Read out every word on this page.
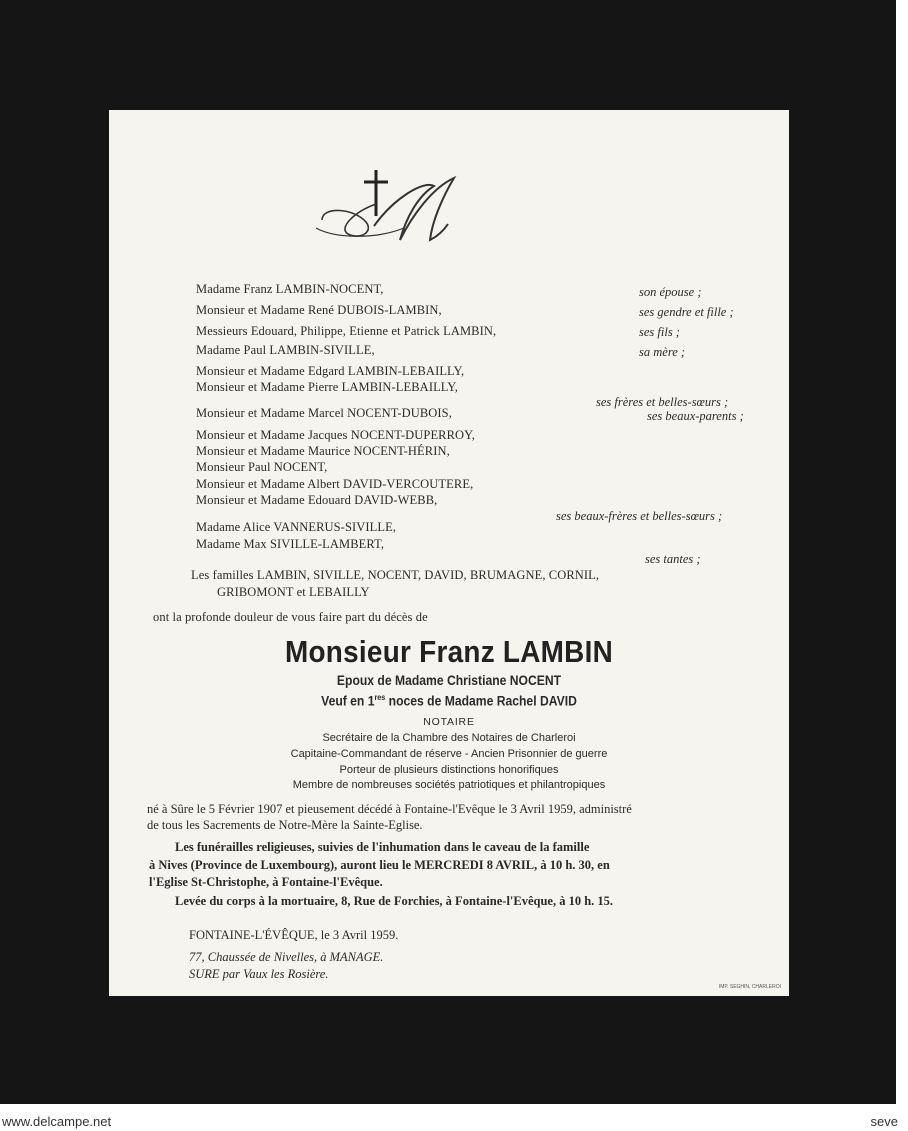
Madame Franz LAMBIN-NOCENT,
Monsieur et Madame René DUBOIS-LAMBIN,
Messieurs Edouard, Philippe, Etienne et Patrick LAMBIN,
Madame Paul LAMBIN-SIVILLE,
Monsieur et Madame Edgard LAMBIN-LEBAILLY,
Monsieur et Madame Pierre LAMBIN-LEBAILLY,
Monsieur et Madame Marcel NOCENT-DUBOIS,
Monsieur et Madame Jacques NOCENT-DUPERROY,
Monsieur et Madame Maurice NOCENT-HÉRIN,
Monsieur Paul NOCENT,
Monsieur et Madame Albert DAVID-VERCOUTERE,
Monsieur et Madame Edouard DAVID-WEBB,
Madame Alice VANNERUS-SIVILLE,
Madame Max SIVILLE-LAMBERT,
son épouse ;
ses gendre et fille ;
ses fils ;
sa mère ;
ses frères et belles-sœurs ;
ses beaux-parents ;
ses beaux-frères et belles-sœurs ;
ses tantes ;
Les familles LAMBIN, SIVILLE, NOCENT, DAVID, BRUMAGNE, CORNIL,
GRIBOMONT et LEBAILLY
ont la profonde douleur de vous faire part du décès de
Monsieur Franz LAMBIN
Epoux de Madame Christiane NOCENT
Veuf en 1res noces de Madame Rachel DAVID
NOTAIRE
Secrétaire de la Chambre des Notaires de Charleroi
Capitaine-Commandant de réserve - Ancien Prisonnier de guerre
Porteur de plusieurs distinctions honorifiques
Membre de nombreuses sociétés patriotiques et philantropiques
né à Sûre le 5 Février 1907 et pieusement décédé à Fontaine-l'Evêque le 3 Avril 1959, administré
de tous les Sacrements de Notre-Mère la Sainte-Eglise.
Les funérailles religieuses, suivies de l'inhumation dans le caveau de la famille
à Nives (Province de Luxembourg), auront lieu le MERCREDI 8 AVRIL, à 10 h. 30, en
l'Eglise St-Christophe, à Fontaine-l'Evêque.
Levée du corps à la mortuaire, 8, Rue de Forchies, à Fontaine-l'Evêque, à 10 h. 15.
FONTAINE-L'ÉVÊQUE, le 3 Avril 1959.
77, Chaussée de Nivelles, à MANAGE.
SURE par Vaux les Rosière.
IMP. SEGHIN, CHARLEROI
www.delcampe.net	seve
